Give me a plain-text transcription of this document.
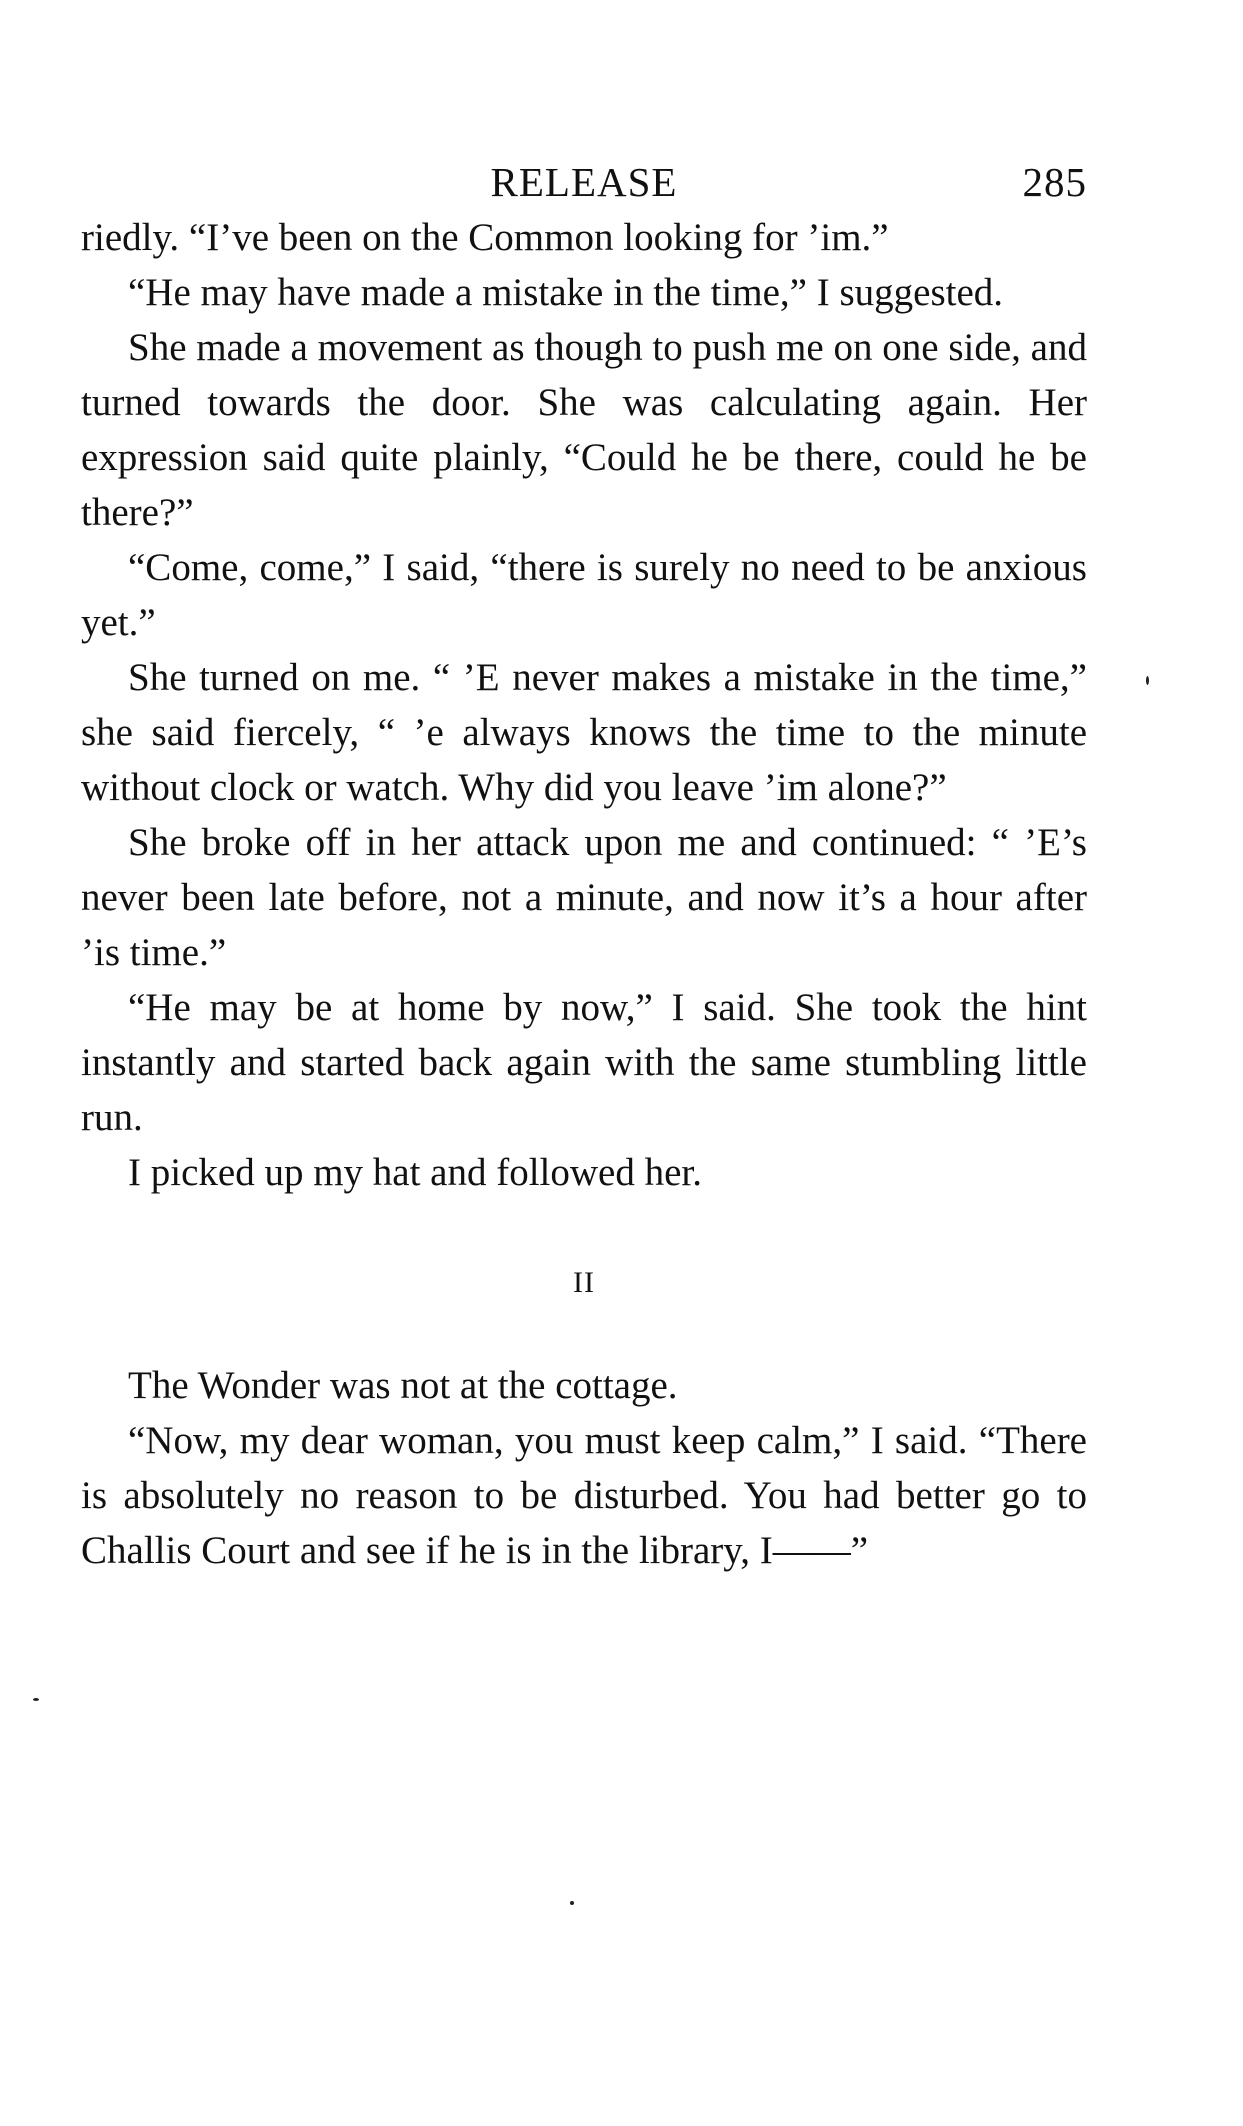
RELEASE	285

riedly. “I’ve been on the Common looking for ’im.”

“He may have made a mistake in the time,” I suggested.

She made a movement as though to push me on one side, and turned towards the door. She was calculating again. Her expression said quite plainly, “Could he be there, could he be there?”

“Come, come,” I said, “there is surely no need to be anxious yet.”

She turned on me. “ ’E never makes a mistake in the time,” she said fiercely, “ ’e always knows the time to the minute without clock or watch. Why did you leave ’im alone?”

She broke off in her attack upon me and continued: “ ’E’s never been late before, not a minute, and now it’s a hour after ’is time.”

“He may be at home by now,” I said. She took the hint instantly and started back again with the same stumbling little run.

I picked up my hat and followed her.

II

The Wonder was not at the cottage.

“Now, my dear woman, you must keep calm,” I said. “There is absolutely no reason to be disturbed. You had better go to Challis Court and see if he is in the library, I——”
